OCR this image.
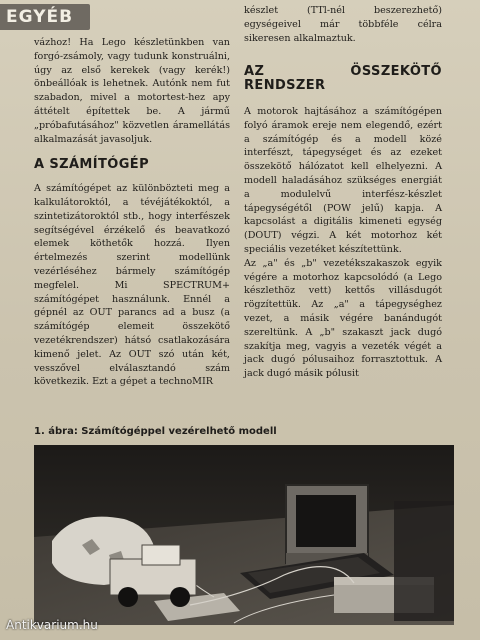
EGYÉB

vázhoz! Ha Lego készletünkben van forgó-zsámoly, vagy tudunk konstruálni, úgy az első kerekek (vagy kerék!) önbeállóak is lehetnek. Autónk nem fut szabadon, mivel a motortest-hez apy áttételt építettek be. A jármű „próbafutásához" közvetlen áramellátás alkalmazását javasoljuk.

A SZÁMÍTÓGÉP

A számítógépet az különbözteti meg a kalkulátoroktól, a tévéjátékoktól, a szintetizátoroktól stb., hogy interfészek segítségével érzékelő és beavatkozó elemek köthetők hozzá. Ilyen értelmezés szerint modellünk vezérléséhez bármely számítógép megfelel. Mi SPECTRUM+ számítógépet használunk. Ennél a gépnél az OUT parancs ad a busz (a számítógép elemeit összekötő vezetékrendszer) hátsó csatlakozására kimenő jelet. Az OUT szó után két, vesszővel elválasztandó szám következik. Ezt a gépet a technoMIR

készlet (TTl-nél beszerezhető) egységeivel már többféle célra sikeresen alkalmaztuk.

AZ ÖSSZEKÖTŐ RENDSZER

A motorok hajtásához a számítógépen folyó áramok ereje nem elegendő, ezért a számítógép és a modell közé interfészt, tápegységet és az ezeket összekötő hálózatot kell elhelyezni. A modell haladásához szükséges energiát a modulelvű interfész-készlet tápegységétől (POW jelű) kapja. A kapcsolást a digitális kimeneti egység (DOUT) végzi. A két motorhoz két speciális vezetéket készítettünk.

Az „a" és „b" vezetékszakaszok egyik végére a motorhoz kapcsolódó (a Lego készlethöz vett) kettős villásdugót rögzítettük. Az „a" a tápegységhez vezet, a másik végére banándugót szereltünk. A „b" szakaszt jack dugó szakítja meg, vagyis a vezeték végét a jack dugó pólusaihoz forrasztottuk. A jack dugó másik pólusit

1. ábra: Számítógéppel vezérelhető modell
Antikvarium.hu
